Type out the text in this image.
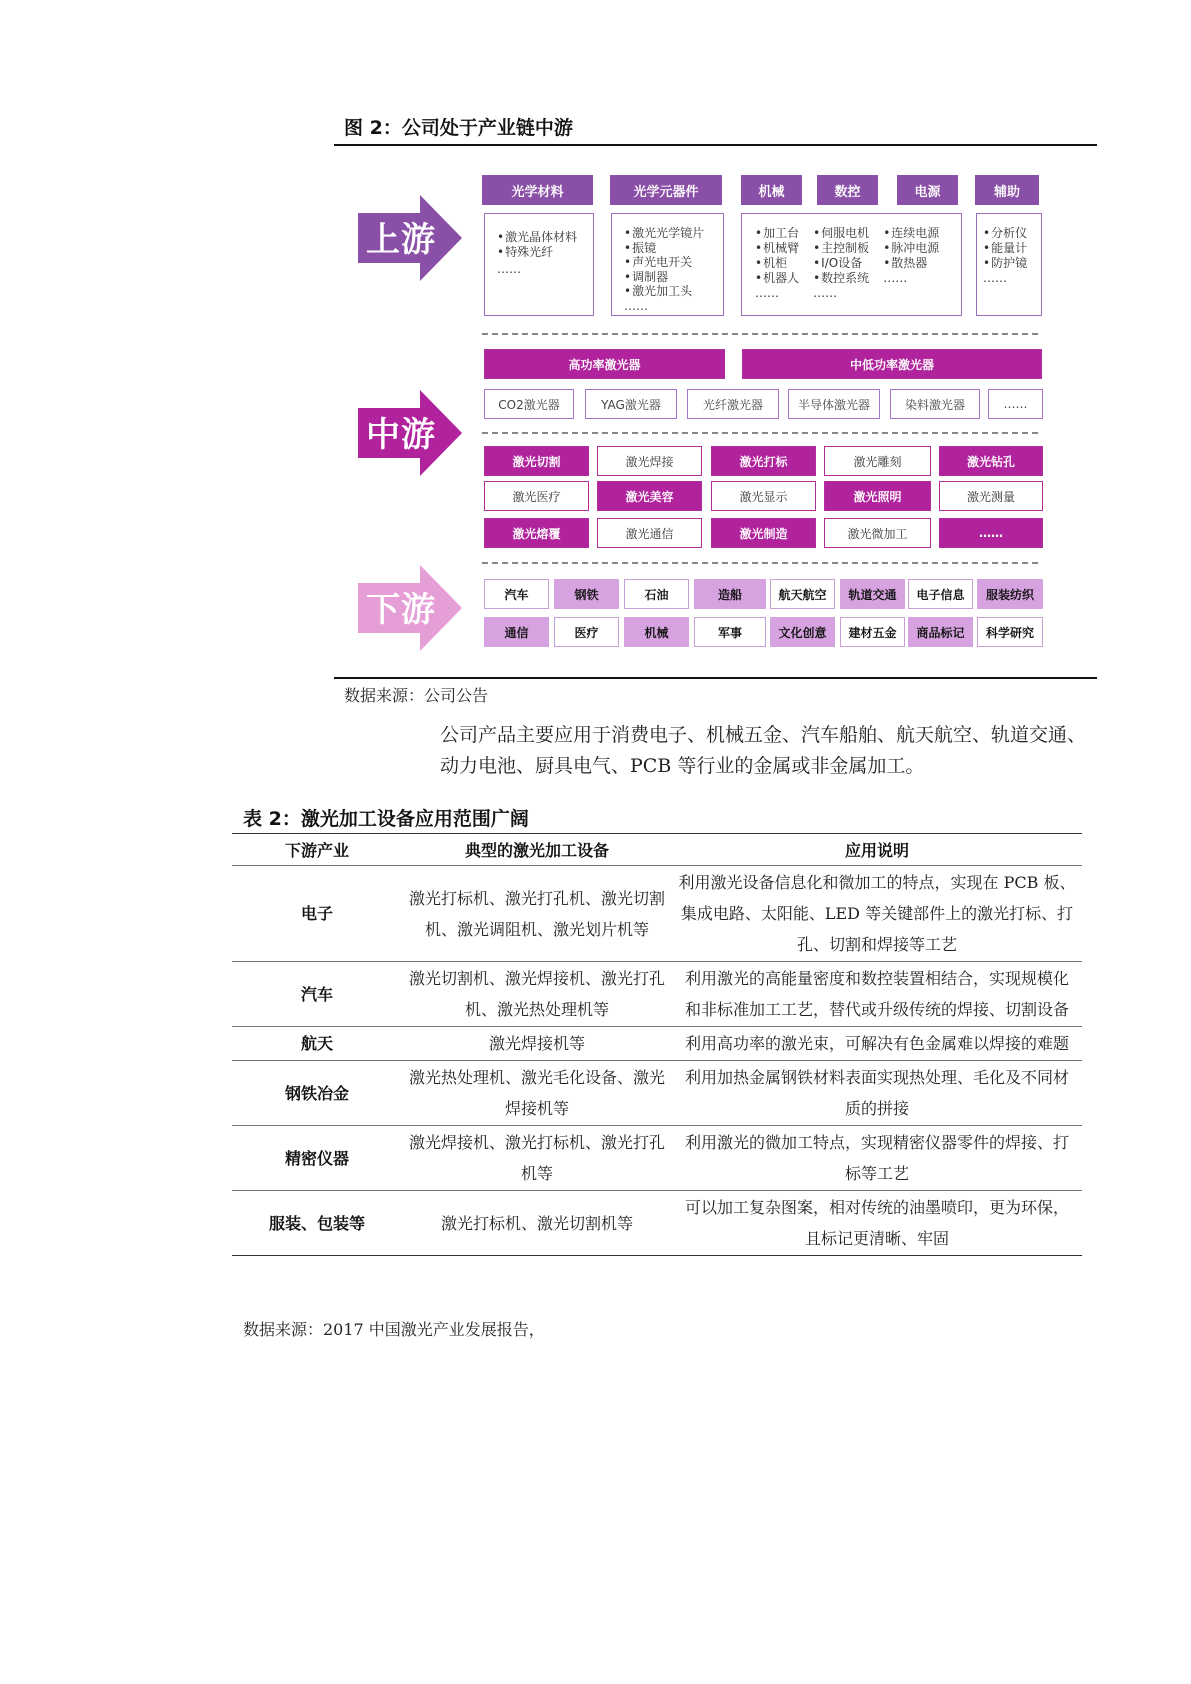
图 2：公司处于产业链中游
上游
光学材料	光学元器件	机械	数控	电源	辅助
• 激光晶体材料
• 特殊光纤
……
• 激光光学镜片
• 振镜
• 声光电开关
• 调制器
• 激光加工头
……
• 加工台
• 机械臂
• 机柜
• 机器人
……
• 伺服电机
• 主控制板
• I/O设备
• 数控系统
……
• 连续电源
• 脉冲电源
• 散热器
……
• 分析仪
• 能量计
• 防护镜
……
中游
高功率激光器	中低功率激光器
CO2激光器	YAG激光器	光纤激光器	半导体激光器	染料激光器	……
激光切割	激光焊接	激光打标	激光雕刻	激光钻孔
激光医疗	激光美容	激光显示	激光照明	激光测量
激光熔覆	激光通信	激光制造	激光微加工	……
下游	汽车	钢铁	石油	造船	航天航空	轨道交通	电子信息	服装纺织
通信	医疗	机械	军事	文化创意	建材五金	商品标记	科学研究
数据来源：公司公告
公司产品主要应用于消费电子、机械五金、汽车船舶、航天航空、轨道交通、动力电池、厨具电气、PCB 等行业的金属或非金属加工。
表 2：激光加工设备应用范围广阔
下游产业	典型的激光加工设备	应用说明
电子	激光打标机、激光打孔机、激光切割机、激光调阻机、激光划片机等	利用激光设备信息化和微加工的特点，实现在 PCB 板、集成电路、太阳能、LED 等关键部件上的激光打标、打孔、切割和焊接等工艺
汽车	激光切割机、激光焊接机、激光打孔机、激光热处理机等	利用激光的高能量密度和数控装置相结合，实现规模化和非标准加工工艺，替代或升级传统的焊接、切割设备
航天	激光焊接机等	利用高功率的激光束，可解决有色金属难以焊接的难题
钢铁冶金	激光热处理机、激光毛化设备、激光焊接机等	利用加热金属钢铁材料表面实现热处理、毛化及不同材质的拼接
精密仪器	激光焊接机、激光打标机、激光打孔机等	利用激光的微加工特点，实现精密仪器零件的焊接、打标等工艺
服装、包装等	激光打标机、激光切割机等	可以加工复杂图案，相对传统的油墨喷印，更为环保，且标记更清晰、牢固
数据来源：2017 中国激光产业发展报告，
